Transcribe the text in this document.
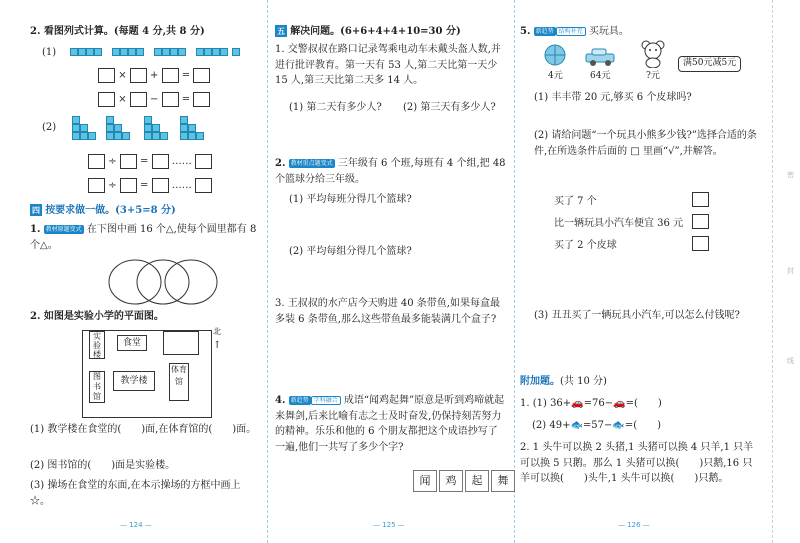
2. 看图列式计算。(每题 4 分,共 8 分)
(1)
× + =
× − =
(2)
÷ = ……
÷ = ……
四 按要求做一做。(3+5=8 分)
1. 教材原题变式 在下图中画 16 个△,使每个圆里都有 8 个△。
2. 如图是实验小学的平面图。
实验楼
食堂
图书馆
教学楼
体育馆
北
↑
(1) 教学楼在食堂的(　　)面,在体育馆的(　　)面。
(2) 图书馆的(　　)面是实验楼。
(3) 操场在食堂的东面,在本示操场的方框中画上 ☆。
— 124 —
五 解决问题。(6+6+4+4+10=30 分)
1. 交警叔叔在路口记录驾乘电动车未戴头盔人数,并进行批评教育。第一天有 53 人,第二天比第一天少 15 人,第三天比第二天多 14 人。
(1) 第二天有多少人? (2) 第三天有多少人?
2. 教材重点题变式 三年级有 6 个班,每班有 4 个组,把 48 个篮球分给三年级。
(1) 平均每班分得几个篮球?
(2) 平均每组分得几个篮球?
3. 王叔叔的水产店今天购进 40 条带鱼,如果每盒最多装 6 条带鱼,那么这些带鱼最多能装满几个盒子?
4. 新趋势 学科融合 成语“闻鸡起舞”原意是听到鸡啼就起来舞剑,后来比喻有志之士及时奋发,仍保持刻苦努力的精神。乐乐和他的 6 个朋友都把这个成语抄写了一遍,他们一共写了多少个字?
闻 鸡 起 舞
— 125 —
5. 新趋势 结构补充 买玩具。
4元	64元	?元
满50元减5元
(1) 丰丰带 20 元,够买 6 个皮球吗?
(2) 请给问题“一个玩具小熊多少钱?”选择合适的条件,在所选条件后面的 □ 里画“√”,并解答。
买了 7 个
比一辆玩具小汽车便宜 36 元
买了 2 个皮球
(3) 丑丑买了一辆玩具小汽车,可以怎么付钱呢?
附加题。(共 10 分)
1. (1) 36+🚗=76−🚗=(　　)
(2) 49+🐟=57−🐟=(　　)
2. 1 头牛可以换 2 头猪,1 头猪可以换 4 只羊,1 只羊可以换 5 只鹅。那么 1 头猪可以换(　　)只鹅,16 只羊可以换(　　)头牛,1 头牛可以换(　　)只鹅。
— 126 —
密
封
线
